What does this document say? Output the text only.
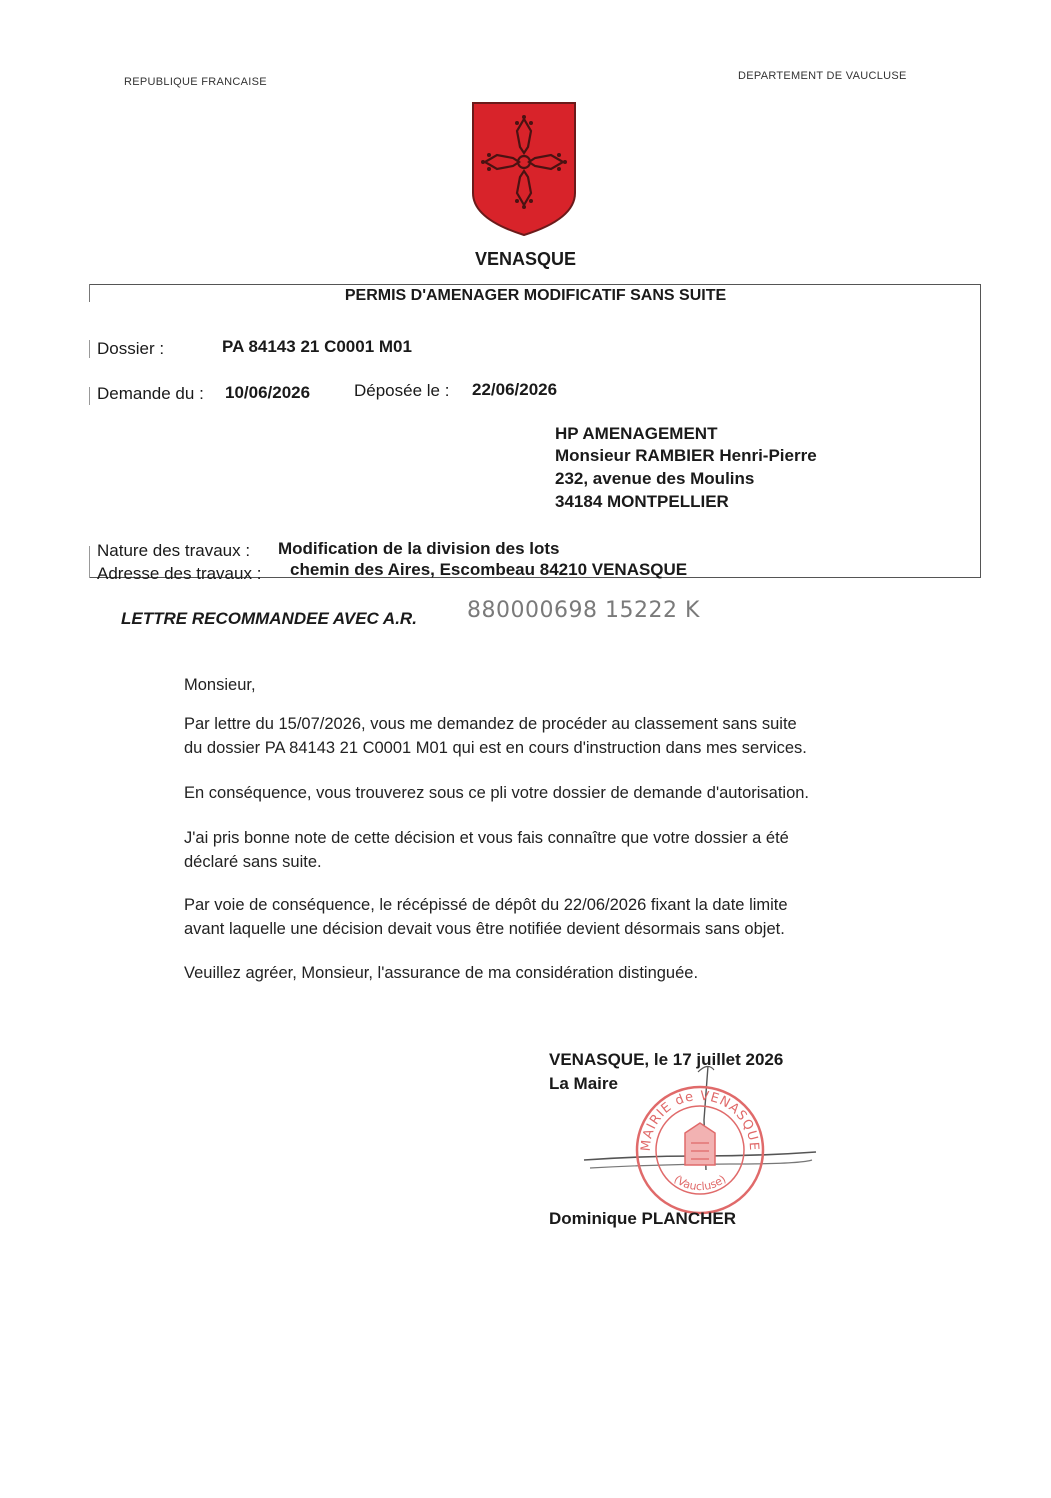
REPUBLIQUE FRANCAISE	DEPARTEMENT DE VAUCLUSE
VENASQUE
PERMIS D'AMENAGER MODIFICATIF SANS SUITE
Dossier :	PA 84143 21 C0001 M01
Demande du : 10/06/2026	Déposée le : 22/06/2026
HP AMENAGEMENT
Monsieur RAMBIER Henri-Pierre
232, avenue des Moulins
34184 MONTPELLIER
Nature des travaux : Modification de la division des lots
Adresse des travaux : chemin des Aires, Escombeau 84210 VENASQUE
LETTRE RECOMMANDEE AVEC A.R. 880000698 15222 K
Monsieur,
Par lettre du 15/07/2026, vous me demandez de procéder au classement sans suite
du dossier PA 84143 21 C0001 M01 qui est en cours d'instruction dans mes services.
En conséquence, vous trouverez sous ce pli votre dossier de demande d'autorisation.
J'ai pris bonne note de cette décision et vous fais connaître que votre dossier a été
déclaré sans suite.
Par voie de conséquence, le récépissé de dépôt du 22/06/2026 fixant la date limite
avant laquelle une décision devait vous être notifiée devient désormais sans objet.
Veuillez agréer, Monsieur, l'assurance de ma considération distinguée.
VENASQUE, le 17 juillet 2026
La Maire
MAIRIE de VENASQUE
(Vaucluse)
Dominique PLANCHER
